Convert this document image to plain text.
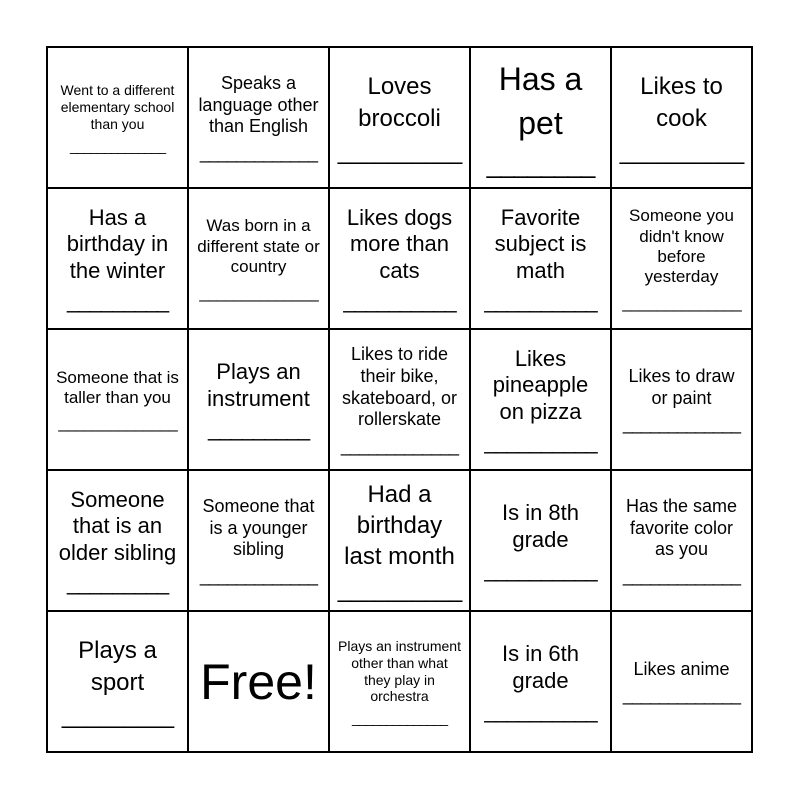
Went to a different elementary school than you
______________
Speaks a language other than English
_____________
Loves broccoli
__________
Has a pet
________
Likes to cook
__________
Has a birthday in the winter
_________
Was born in a different state or country
______________
Likes dogs more than cats
__________
Favorite subject is math
__________
Someone you didn't know before yesterday
______________
Someone that is taller than you
______________
Plays an instrument
_________
Likes to ride their bike, skateboard, or rollerskate
_____________
Likes pineapple on pizza
__________
Likes to draw or paint
_____________
Someone that is an older sibling
_________
Someone that is a younger sibling
_____________
Had a birthday last month
__________
Is in 8th grade
__________
Has the same favorite color as you
_____________
Plays a sport
_________
Free!
Plays an instrument other than what they play in orchestra
______________
Is in 6th grade
__________
Likes anime
_____________
